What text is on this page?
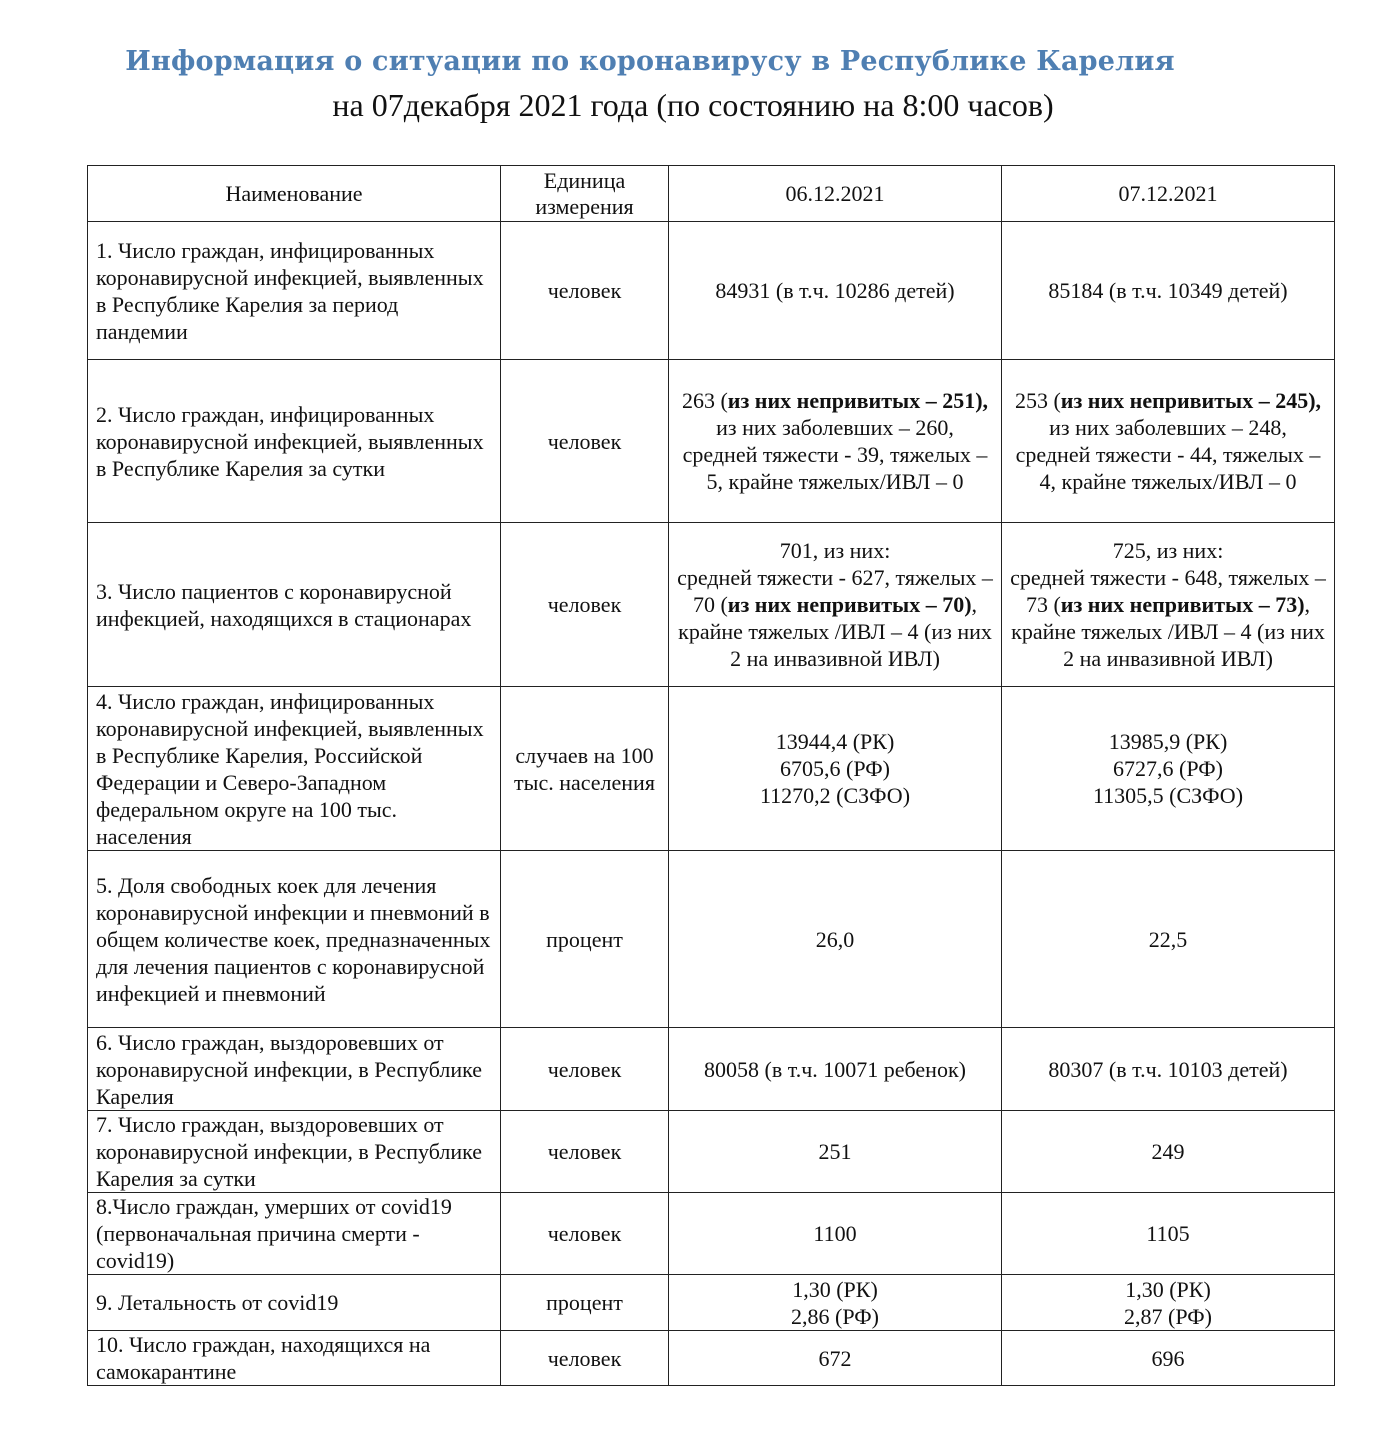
Информация о ситуации по коронавирусу в Республике Карелия
на 07декабря 2021 года (по состоянию на 8:00 часов)
Наименование	Единица измерения	06.12.2021	07.12.2021
1. Число граждан, инфицированных коронавирусной инфекцией, выявленных в Республике Карелия за период пандемии	человек	84931 (в т.ч. 10286 детей)	85184 (в т.ч. 10349 детей)
2. Число граждан, инфицированных коронавирусной инфекцией, выявленных в Республике Карелия за сутки	человек	263 (из них непривитых – 251), из них заболевших – 260, средней тяжести - 39, тяжелых – 5, крайне тяжелых/ИВЛ – 0	253 (из них непривитых – 245), из них заболевших – 248, средней тяжести - 44, тяжелых – 4, крайне тяжелых/ИВЛ – 0
3. Число пациентов с коронавирусной инфекцией, находящихся в стационарах	человек	701, из них:
средней тяжести - 627, тяжелых – 70 (из них непривитых – 70), крайне тяжелых /ИВЛ – 4 (из них 2 на инвазивной ИВЛ)	725, из них:
средней тяжести - 648, тяжелых – 73 (из них непривитых – 73), крайне тяжелых /ИВЛ – 4 (из них 2 на инвазивной ИВЛ)
4. Число граждан, инфицированных коронавирусной инфекцией, выявленных в Республике Карелия, Российской Федерации и Северо-Западном федеральном округе на 100 тыс. населения	случаев на 100 тыс. населения	13944,4 (РК)
6705,6 (РФ)
11270,2 (СЗФО)	13985,9 (РК)
6727,6 (РФ)
11305,5 (СЗФО)
5. Доля свободных коек для лечения коронавирусной инфекции и пневмоний в общем количестве коек, предназначенных для лечения пациентов с коронавирусной инфекцией и пневмоний	процент	26,0	22,5
6. Число граждан, выздоровевших от коронавирусной инфекции, в Республике Карелия	человек	80058 (в т.ч. 10071 ребенок)	80307 (в т.ч. 10103 детей)
7. Число граждан, выздоровевших от коронавирусной инфекции, в Республике Карелия за сутки	человек	251	249
8.Число граждан, умерших от covid19 (первоначальная причина смерти - covid19)	человек	1100	1105
9. Летальность от covid19	процент	1,30 (РК)
2,86 (РФ)	1,30 (РК)
2,87 (РФ)
10. Число граждан, находящихся на самокарантине	человек	672	696
